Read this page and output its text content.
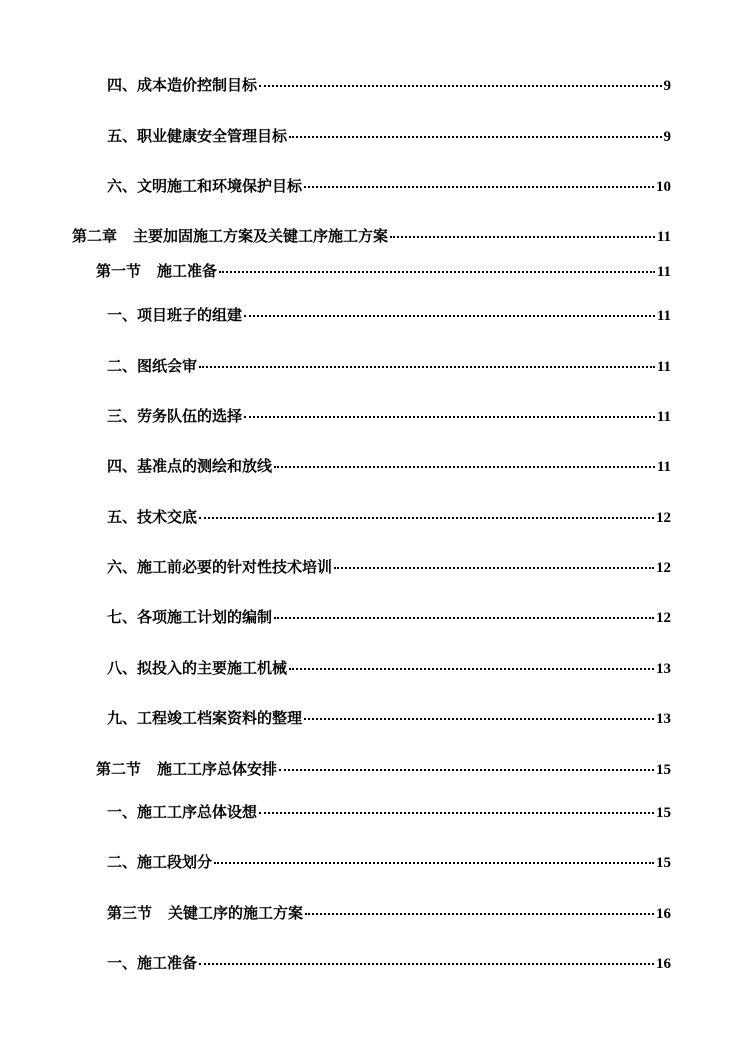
四、成本造价控制目标	9
五、职业健康安全管理目标	9
六、文明施工和环境保护目标	10
第二章 主要加固施工方案及关键工序施工方案	11
第一节 施工准备	11
一、项目班子的组建	11
二、图纸会审	11
三、劳务队伍的选择	11
四、基准点的测绘和放线	11
五、技术交底	12
六、施工前必要的针对性技术培训	12
七、各项施工计划的编制	12
八、拟投入的主要施工机械	13
九、工程竣工档案资料的整理	13
第二节 施工工序总体安排	15
一、施工工序总体设想	15
二、施工段划分	15
第三节 关键工序的施工方案	16
一、施工准备	16
